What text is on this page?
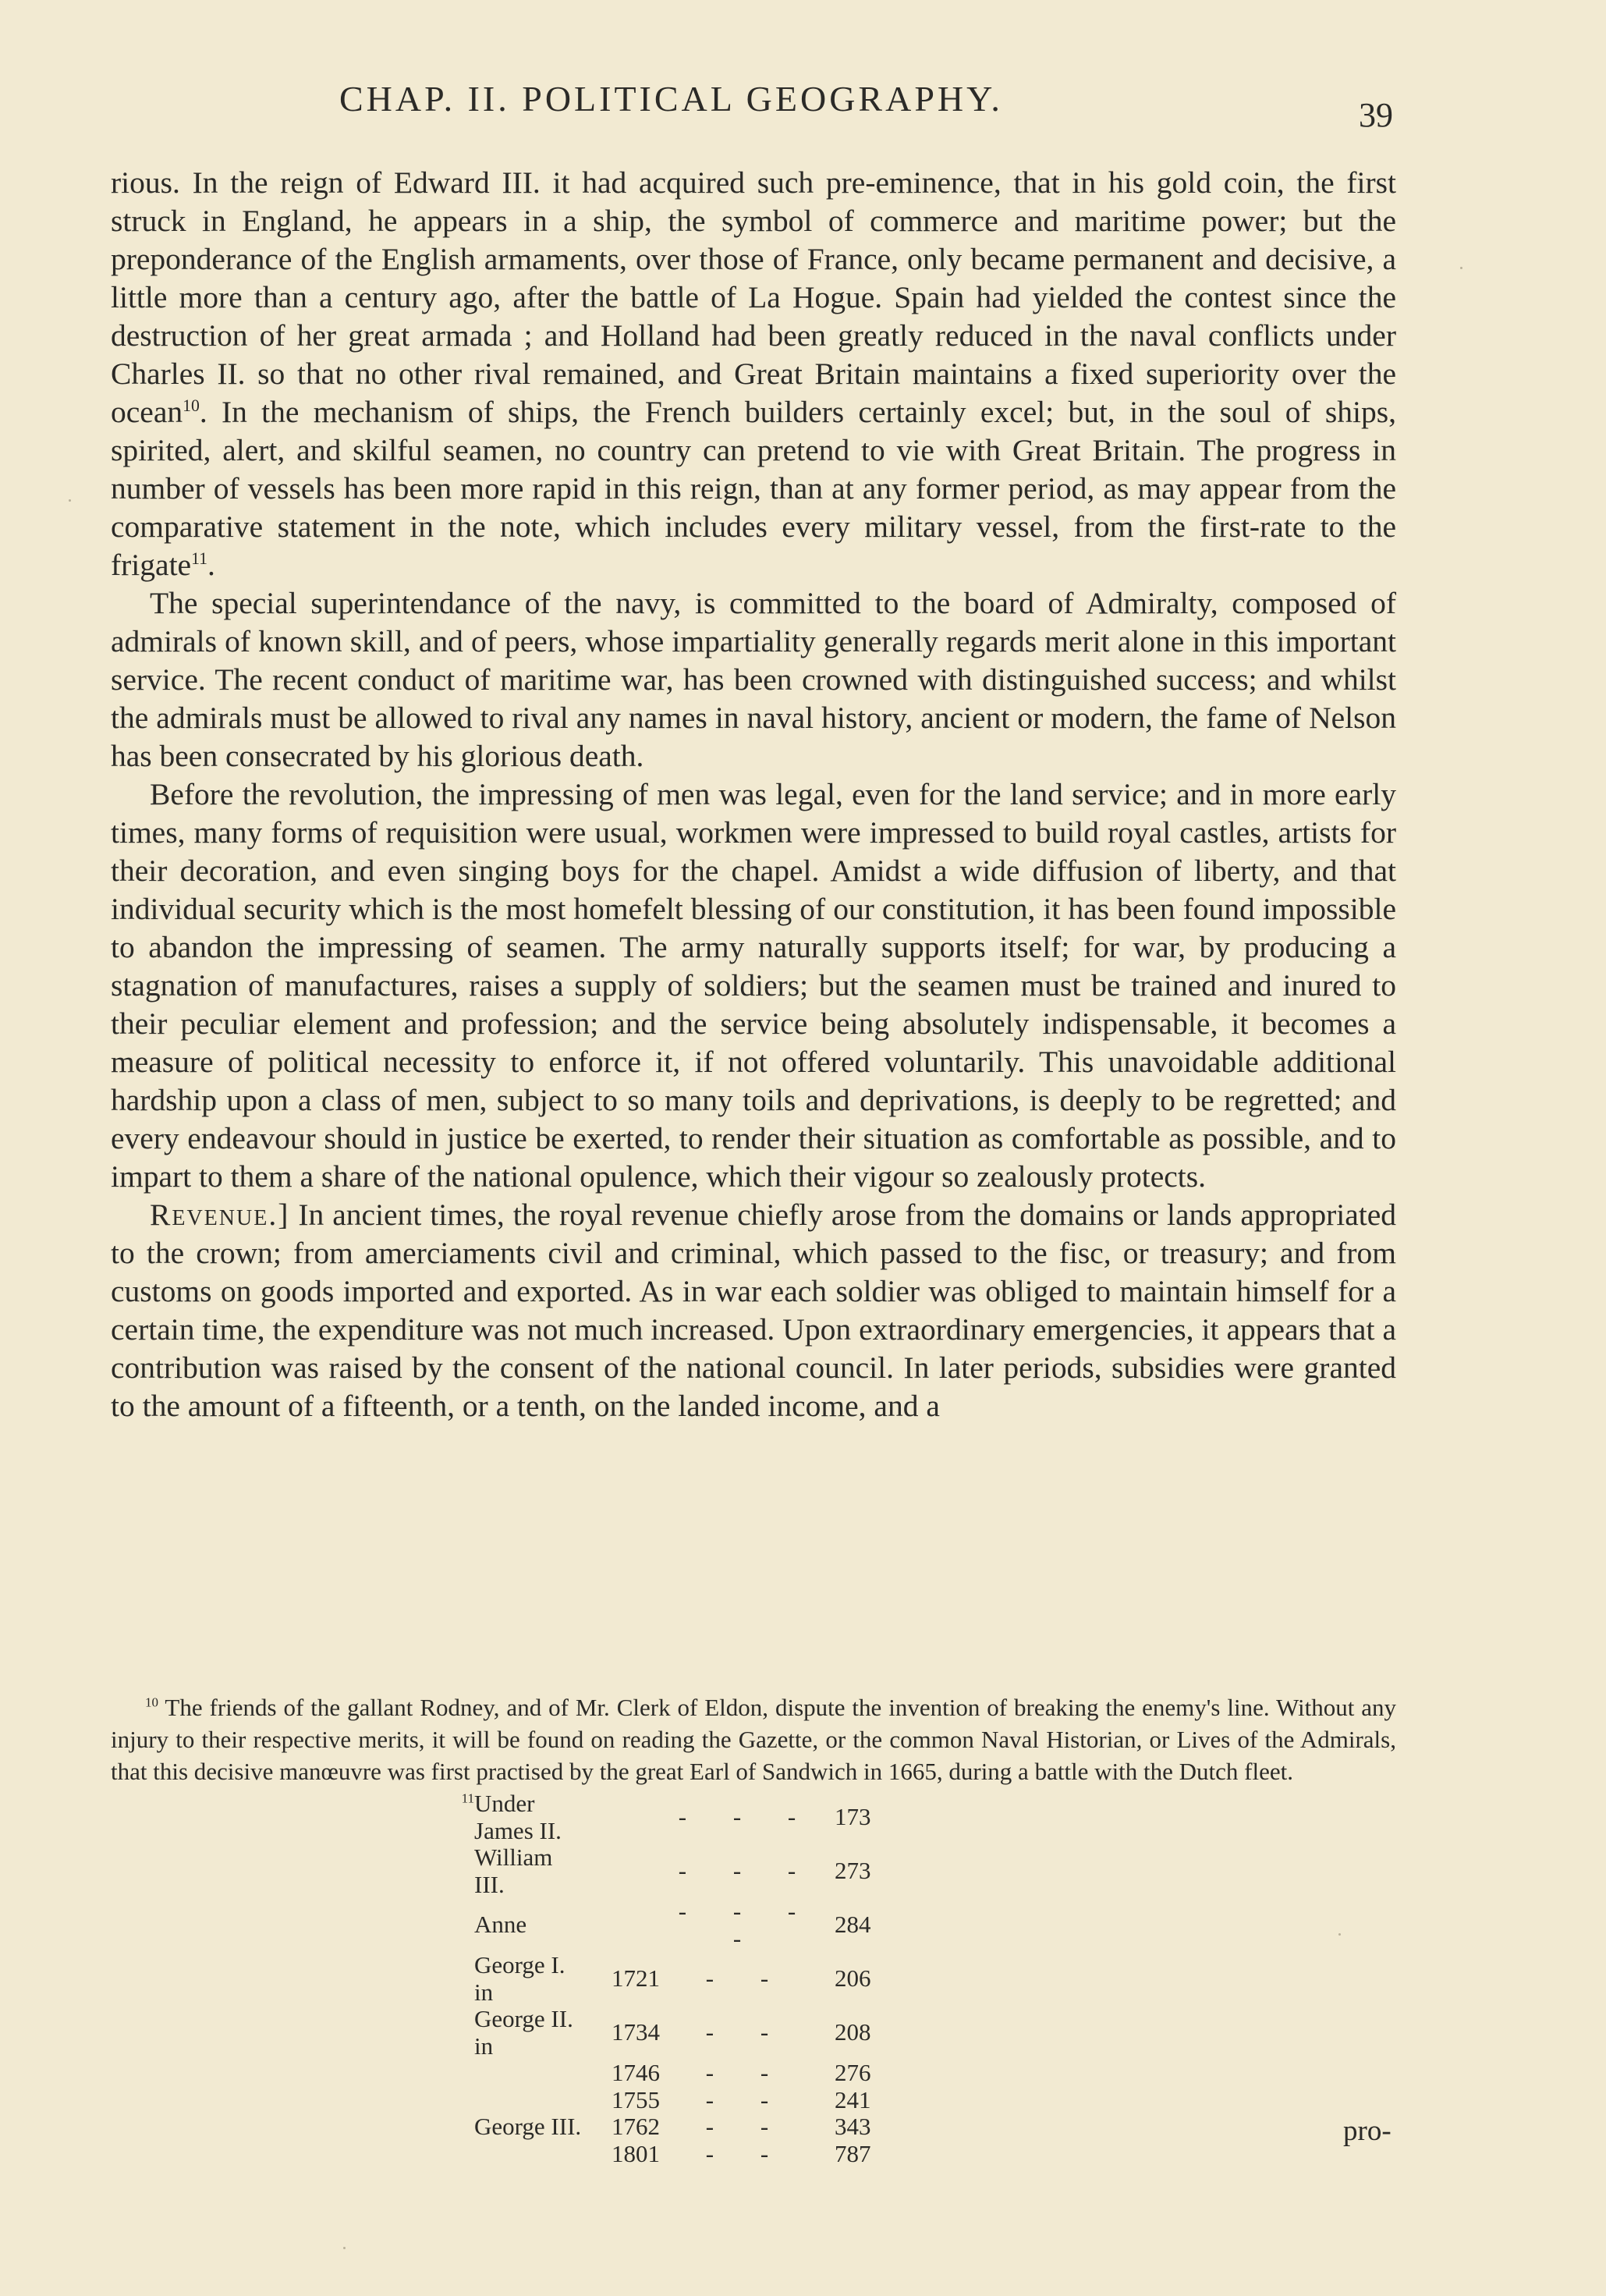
CHAP. II. POLITICAL GEOGRAPHY.	39

rious. In the reign of Edward III. it had acquired such pre-eminence, that in his gold coin, the first struck in England, he appears in a ship, the symbol of commerce and maritime power; but the preponderance of the English armaments, over those of France, only became permanent and decisive, a little more than a century ago, after the battle of La Hogue. Spain had yielded the contest since the destruction of her great armada ; and Holland had been greatly reduced in the naval conflicts under Charles II. so that no other rival remained, and Great Britain maintains a fixed superiority over the ocean$^{10}$. In the mechanism of ships, the French builders certainly excel; but, in the soul of ships, spirited, alert, and skilful seamen, no country can pretend to vie with Great Britain. The progress in number of vessels has been more rapid in this reign, than at any former period, as may appear from the comparative statement in the note, which includes every military vessel, from the first-rate to the frigate$^{11}$.

The special superintendance of the navy, is committed to the board of Admiralty, composed of admirals of known skill, and of peers, whose impartiality generally regards merit alone in this important service. The recent conduct of maritime war, has been crowned with distinguished success; and whilst the admirals must be allowed to rival any names in naval history, ancient or modern, the fame of Nelson has been consecrated by his glorious death.

Before the revolution, the impressing of men was legal, even for the land service; and in more early times, many forms of requisition were usual, workmen were impressed to build royal castles, artists for their decoration, and even singing boys for the chapel. Amidst a wide diffusion of liberty, and that individual security which is the most homefelt blessing of our constitution, it has been found impossible to abandon the impressing of seamen. The army naturally supports itself; for war, by producing a stagnation of manufactures, raises a supply of soldiers; but the seamen must be trained and inured to their peculiar element and profession; and the service being absolutely indispensable, it becomes a measure of political necessity to enforce it, if not offered voluntarily. This unavoidable additional hardship upon a class of men, subject to so many toils and deprivations, is deeply to be regretted; and every endeavour should in justice be exerted, to render their situation as comfortable as possible, and to impart to them a share of the national opulence, which their vigour so zealously protects.

Revenue.] In ancient times, the royal revenue chiefly arose from the domains or lands appropriated to the crown; from amerciaments civil and criminal, which passed to the fisc, or treasury; and from customs on goods imported and exported. As in war each soldier was obliged to maintain himself for a certain time, the expenditure was not much increased. Upon extraordinary emergencies, it appears that a contribution was raised by the consent of the national council. In later periods, subsidies were granted to the amount of a fifteenth, or a tenth, on the landed income, and a

$^{10}$ The friends of the gallant Rodney, and of Mr. Clerk of Eldon, dispute the invention of breaking the enemy's line. Without any injury to their respective merits, it will be found on reading the Gazette, or the common Naval Historian, or Lives of the Admirals, that this decisive manœuvre was first practised by the great Earl of Sandwich in 1665, during a battle with the Dutch fleet.

$^{11}$	Under James II.		- - -	173
	William III.		- - -	273
	Anne		- - - -	284
	George I. in	1721	- -	206
	George II. in	1734	- -	208
		1746	- -	276
		1755	- -	241
	George III.	1762	- -	343
		1801	- -	787
pro-
